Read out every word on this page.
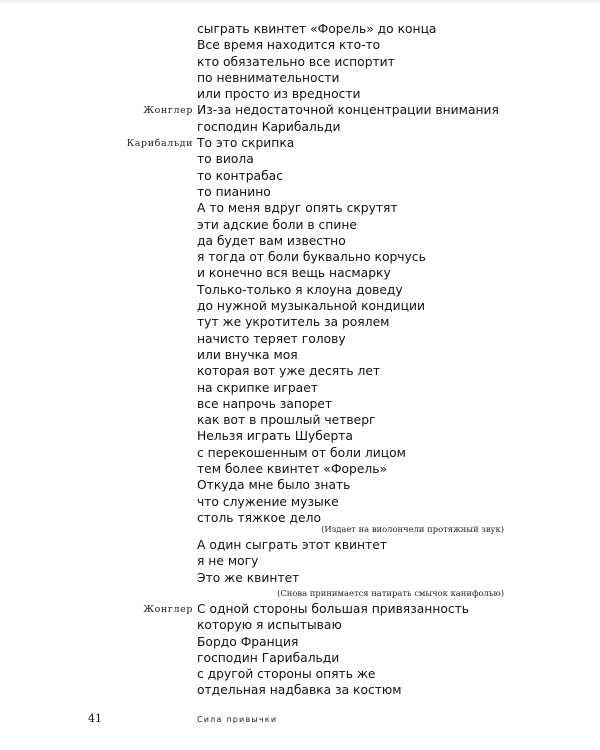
сыграть квинтет «Форель» до конца
Все время находится кто-то
кто обязательно все испортит
по невнимательности
или просто из вредности
Жонглер Из-за недостаточной концентрации внимания
господин Карибальди
Карибальди То это скрипка
то виола
то контрабас
то пианино
А то меня вдруг опять скрутят
эти адские боли в спине
да будет вам известно
я тогда от боли буквально корчусь
и конечно вся вещь насмарку
Только-только я клоуна доведу
до нужной музыкальной кондиции
тут же укротитель за роялем
начисто теряет голову
или внучка моя
которая вот уже десять лет
на скрипке играет
все напрочь запорет
как вот в прошлый четверг
Нельзя играть Шуберта
с перекошенным от боли лицом
тем более квинтет «Форель»
Откуда мне было знать
что служение музыке
столь тяжкое дело
(Издает на виолончели протяжный звук)
А один сыграть этот квинтет
я не могу
Это же квинтет
(Снова принимается натирать смычок канифолью)
Жонглер С одной стороны большая привязанность
которую я испытываю
Бордо Франция
господин Гарибальди
с другой стороны опять же
отдельная надбавка за костюм
41	Сила привычки
